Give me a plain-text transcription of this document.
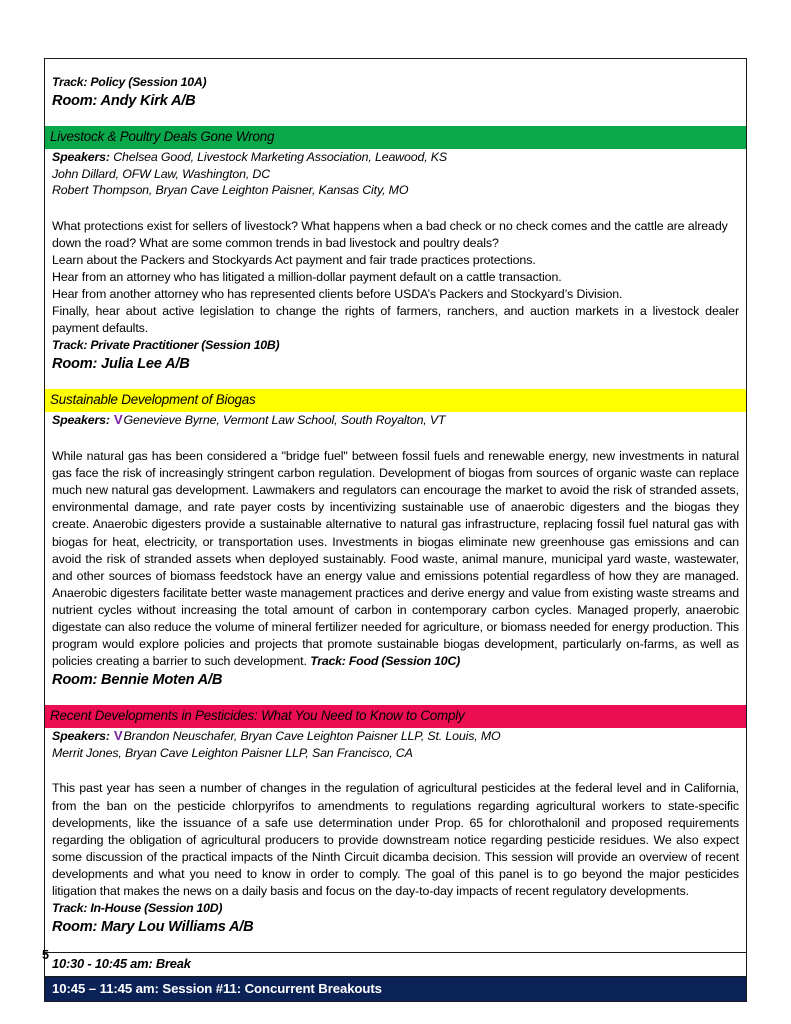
Track: Policy (Session 10A)
Room: Andy Kirk A/B
Livestock & Poultry Deals Gone Wrong
Speakers: Chelsea Good, Livestock Marketing Association, Leawood, KS
John Dillard, OFW Law, Washington, DC
Robert Thompson, Bryan Cave Leighton Paisner, Kansas City, MO

What protections exist for sellers of livestock? What happens when a bad check or no check comes and the cattle are already down the road? What are some common trends in bad livestock and poultry deals?

Learn about the Packers and Stockyards Act payment and fair trade practices protections.

Hear from an attorney who has litigated a million-dollar payment default on a cattle transaction.

Hear from another attorney who has represented clients before USDA’s Packers and Stockyard’s Division.

Finally, hear about active legislation to change the rights of farmers, ranchers, and auction markets in a livestock dealer payment defaults.

Track: Private Practitioner (Session 10B)
Room: Julia Lee A/B
Sustainable Development of Biogas
Speakers: VGenevieve Byrne, Vermont Law School, South Royalton, VT

While natural gas has been considered a "bridge fuel" between fossil fuels and renewable energy, new investments in natural gas face the risk of increasingly stringent carbon regulation. Development of biogas from sources of organic waste can replace much new natural gas development. Lawmakers and regulators can encourage the market to avoid the risk of stranded assets, environmental damage, and rate payer costs by incentivizing sustainable use of anaerobic digesters and the biogas they create. Anaerobic digesters provide a sustainable alternative to natural gas infrastructure, replacing fossil fuel natural gas with biogas for heat, electricity, or transportation uses. Investments in biogas eliminate new greenhouse gas emissions and can avoid the risk of stranded assets when deployed sustainably. Food waste, animal manure, municipal yard waste, wastewater, and other sources of biomass feedstock have an energy value and emissions potential regardless of how they are managed. Anaerobic digesters facilitate better waste management practices and derive energy and value from existing waste streams and nutrient cycles without increasing the total amount of carbon in contemporary carbon cycles. Managed properly, anaerobic digestate can also reduce the volume of mineral fertilizer needed for agriculture, or biomass needed for energy production. This program would explore policies and projects that promote sustainable biogas development, particularly on-farms, as well as policies creating a barrier to such development. Track: Food (Session 10C)

Room: Bennie Moten A/B
Recent Developments in Pesticides: What You Need to Know to Comply
Speakers: VBrandon Neuschafer, Bryan Cave Leighton Paisner LLP, St. Louis, MO
Merrit Jones, Bryan Cave Leighton Paisner LLP, San Francisco, CA

This past year has seen a number of changes in the regulation of agricultural pesticides at the federal level and in California, from the ban on the pesticide chlorpyrifos to amendments to regulations regarding agricultural workers to state-specific developments, like the issuance of a safe use determination under Prop. 65 for chlorothalonil and proposed requirements regarding the obligation of agricultural producers to provide downstream notice regarding pesticide residues. We also expect some discussion of the practical impacts of the Ninth Circuit dicamba decision. This session will provide an overview of recent developments and what you need to know in order to comply. The goal of this panel is to go beyond the major pesticides litigation that makes the news on a daily basis and focus on the day-to-day impacts of recent regulatory developments.

Track: In-House (Session 10D)
Room: Mary Lou Williams A/B
10:30 - 10:45 am: Break
10:45 – 11:45 am: Session #11: Concurrent Breakouts
5
